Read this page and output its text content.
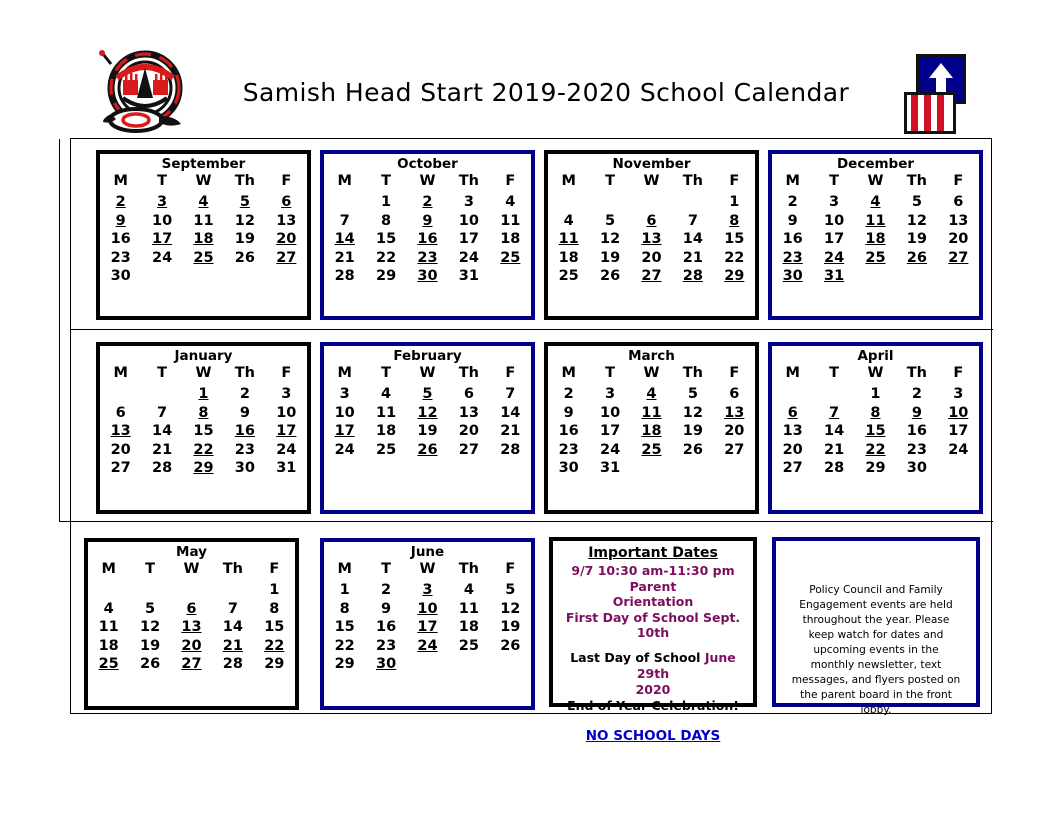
Samish Head Start 2019-2020 School Calendar
September
M	T	W	Th	F
2	3	4	5	6
9	10	11	12	13
16	17	18	19	20
23	24	25	26	27
30				
October
M	T	W	Th	F
	1	2	3	4
7	8	9	10	11
14	15	16	17	18
21	22	23	24	25
28	29	30	31	
November
M	T	W	Th	F
				1
4	5	6	7	8
11	12	13	14	15
18	19	20	21	22
25	26	27	28	29
December
M	T	W	Th	F
2	3	4	5	6
9	10	11	12	13
16	17	18	19	20
23	24	25	26	27
30	31			
January
M	T	W	Th	F
		1	2	3
6	7	8	9	10
13	14	15	16	17
20	21	22	23	24
27	28	29	30	31
February
M	T	W	Th	F
3	4	5	6	7
10	11	12	13	14
17	18	19	20	21
24	25	26	27	28

March
M	T	W	Th	F
2	3	4	5	6
9	10	11	12	13
16	17	18	19	20
23	24	25	26	27
30	31			
April
M	T	W	Th	F
		1	2	3
6	7	8	9	10
13	14	15	16	17
20	21	22	23	24
27	28	29	30	
May
M	T	W	Th	F
				1
4	5	6	7	8
11	12	13	14	15
18	19	20	21	22
25	26	27	28	29
June
M	T	W	Th	F
1	2	3	4	5
8	9	10	11	12
15	16	17	18	19
22	23	24	25	26
29	30			
Important Dates
9/7 10:30 am-11:30 pm Parent
Orientation
First Day of School Sept. 10th
Last Day of School June 29th
2020
End of Year Celebration!
NO SCHOOL DAYS
Policy Council and Family Engagement events are held throughout the year. Please keep watch for dates and upcoming events in the monthly newsletter, text messages, and flyers posted on the parent board in the front lobby.
